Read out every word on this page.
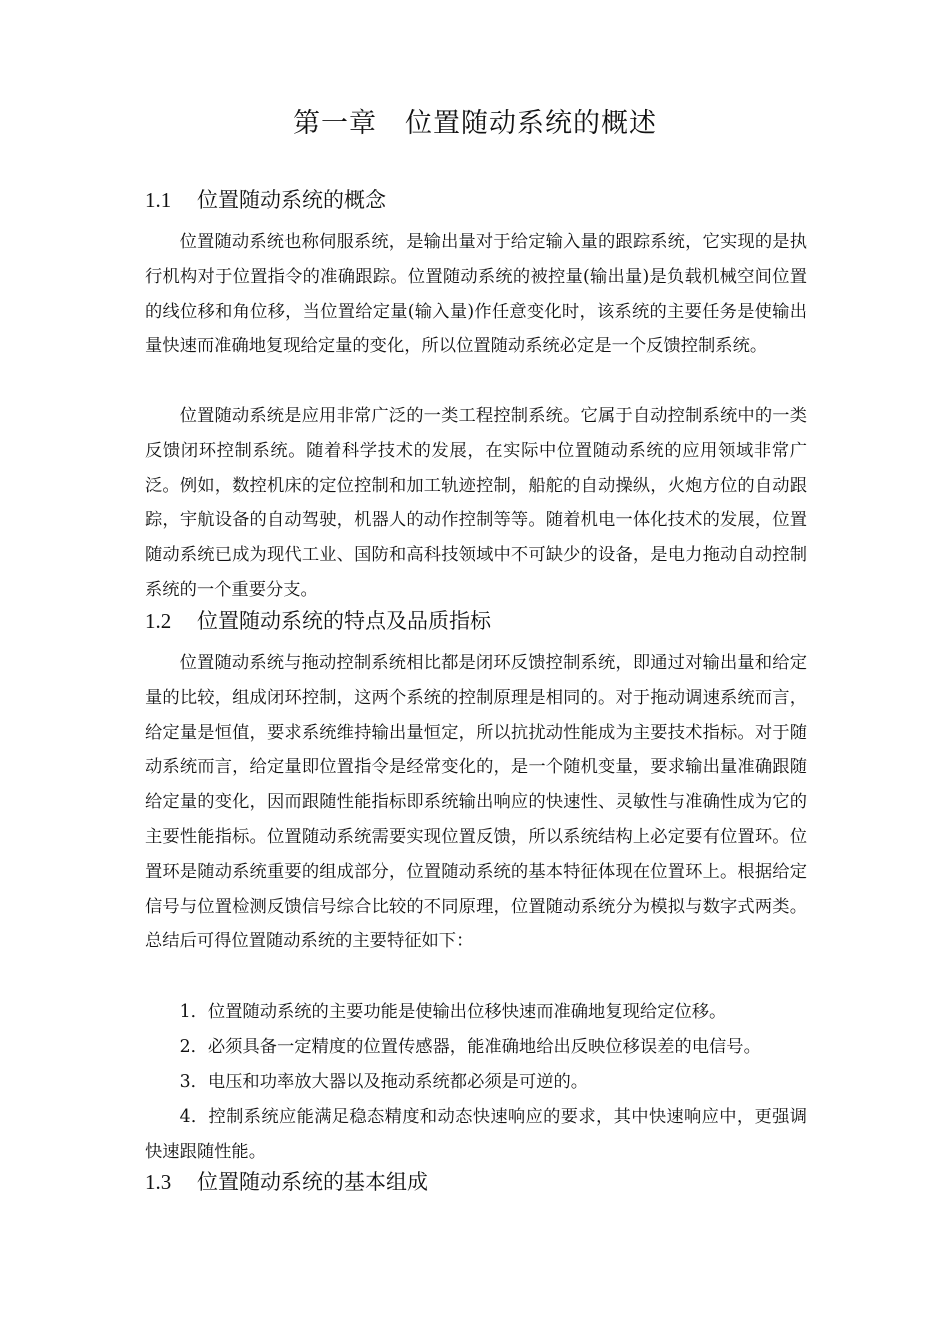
第一章　位置随动系统的概述
1.1 位置随动系统的概念

位置随动系统也称伺服系统，是输出量对于给定输入量的跟踪系统，它实现的是执行机构对于位置指令的准确跟踪。位置随动系统的被控量(输出量)是负载机械空间位置的线位移和角位移，当位置给定量(输入量)作任意变化时，该系统的主要任务是使输出量快速而准确地复现给定量的变化，所以位置随动系统必定是一个反馈控制系统。

位置随动系统是应用非常广泛的一类工程控制系统。它属于自动控制系统中的一类反馈闭环控制系统。随着科学技术的发展，在实际中位置随动系统的应用领域非常广泛。例如，数控机床的定位控制和加工轨迹控制，船舵的自动操纵，火炮方位的自动跟踪，宇航设备的自动驾驶，机器人的动作控制等等。随着机电一体化技术的发展，位置随动系统已成为现代工业、国防和高科技领域中不可缺少的设备，是电力拖动自动控制系统的一个重要分支。

1.2 位置随动系统的特点及品质指标

位置随动系统与拖动控制系统相比都是闭环反馈控制系统，即通过对输出量和给定量的比较，组成闭环控制，这两个系统的控制原理是相同的。对于拖动调速系统而言，给定量是恒值，要求系统维持输出量恒定，所以抗扰动性能成为主要技术指标。对于随动系统而言，给定量即位置指令是经常变化的，是一个随机变量，要求输出量准确跟随给定量的变化，因而跟随性能指标即系统输出响应的快速性、灵敏性与准确性成为它的主要性能指标。位置随动系统需要实现位置反馈，所以系统结构上必定要有位置环。位置环是随动系统重要的组成部分，位置随动系统的基本特征体现在位置环上。根据给定信号与位置检测反馈信号综合比较的不同原理，位置随动系统分为模拟与数字式两类。总结后可得位置随动系统的主要特征如下：

1．位置随动系统的主要功能是使输出位移快速而准确地复现给定位移。

2．必须具备一定精度的位置传感器，能准确地给出反映位移误差的电信号。

3．电压和功率放大器以及拖动系统都必须是可逆的。

4．控制系统应能满足稳态精度和动态快速响应的要求，其中快速响应中，更强调快速跟随性能。

1.3 位置随动系统的基本组成
